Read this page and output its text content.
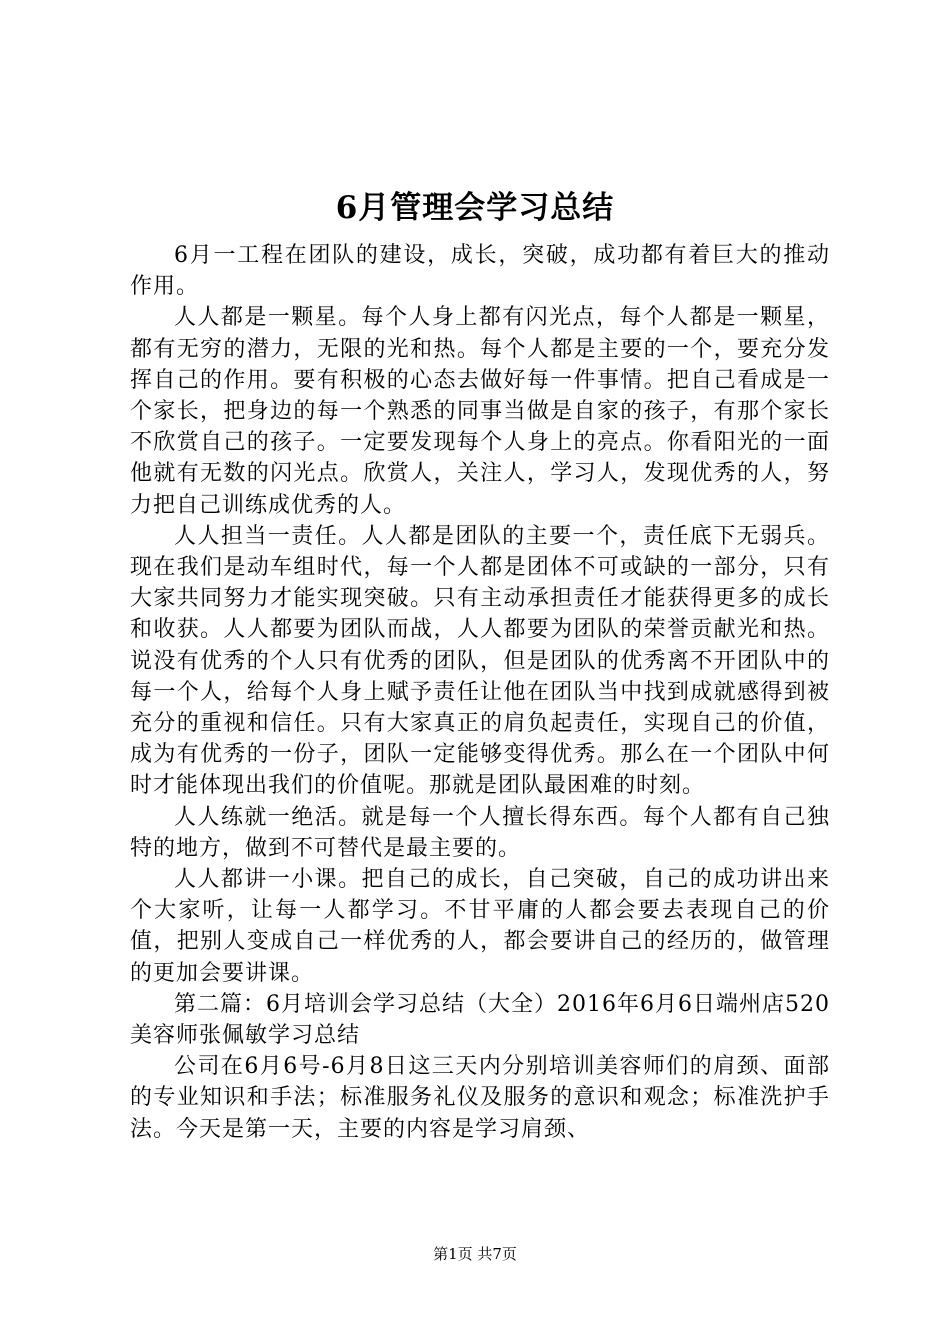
6月管理会学习总结

6月一工程在团队的建设，成长，突破，成功都有着巨大的推动作用。

人人都是一颗星。每个人身上都有闪光点，每个人都是一颗星，都有无穷的潜力，无限的光和热。每个人都是主要的一个，要充分发挥自己的作用。要有积极的心态去做好每一件事情。把自己看成是一个家长，把身边的每一个熟悉的同事当做是自家的孩子，有那个家长不欣赏自己的孩子。一定要发现每个人身上的亮点。你看阳光的一面他就有无数的闪光点。欣赏人，关注人，学习人，发现优秀的人，努力把自己训练成优秀的人。

人人担当一责任。人人都是团队的主要一个，责任底下无弱兵。现在我们是动车组时代，每一个人都是团体不可或缺的一部分，只有大家共同努力才能实现突破。只有主动承担责任才能获得更多的成长和收获。人人都要为团队而战，人人都要为团队的荣誉贡献光和热。说没有优秀的个人只有优秀的团队，但是团队的优秀离不开团队中的每一个人，给每个人身上赋予责任让他在团队当中找到成就感得到被充分的重视和信任。只有大家真正的肩负起责任，实现自己的价值，成为有优秀的一份子，团队一定能够变得优秀。那么在一个团队中何时才能体现出我们的价值呢。那就是团队最困难的时刻。

人人练就一绝活。就是每一个人擅长得东西。每个人都有自己独特的地方，做到不可替代是最主要的。

人人都讲一小课。把自己的成长，自己突破，自己的成功讲出来个大家听，让每一人都学习。不甘平庸的人都会要去表现自己的价值，把别人变成自己一样优秀的人，都会要讲自己的经历的，做管理的更加会要讲课。

第二篇：6月培训会学习总结（大全）2016年6月6日端州店520美容师张佩敏学习总结

公司在6月6号-6月8日这三天内分别培训美容师们的肩颈、面部的专业知识和手法；标准服务礼仪及服务的意识和观念；标准洗护手法。今天是第一天，主要的内容是学习肩颈、

第1页 共7页
